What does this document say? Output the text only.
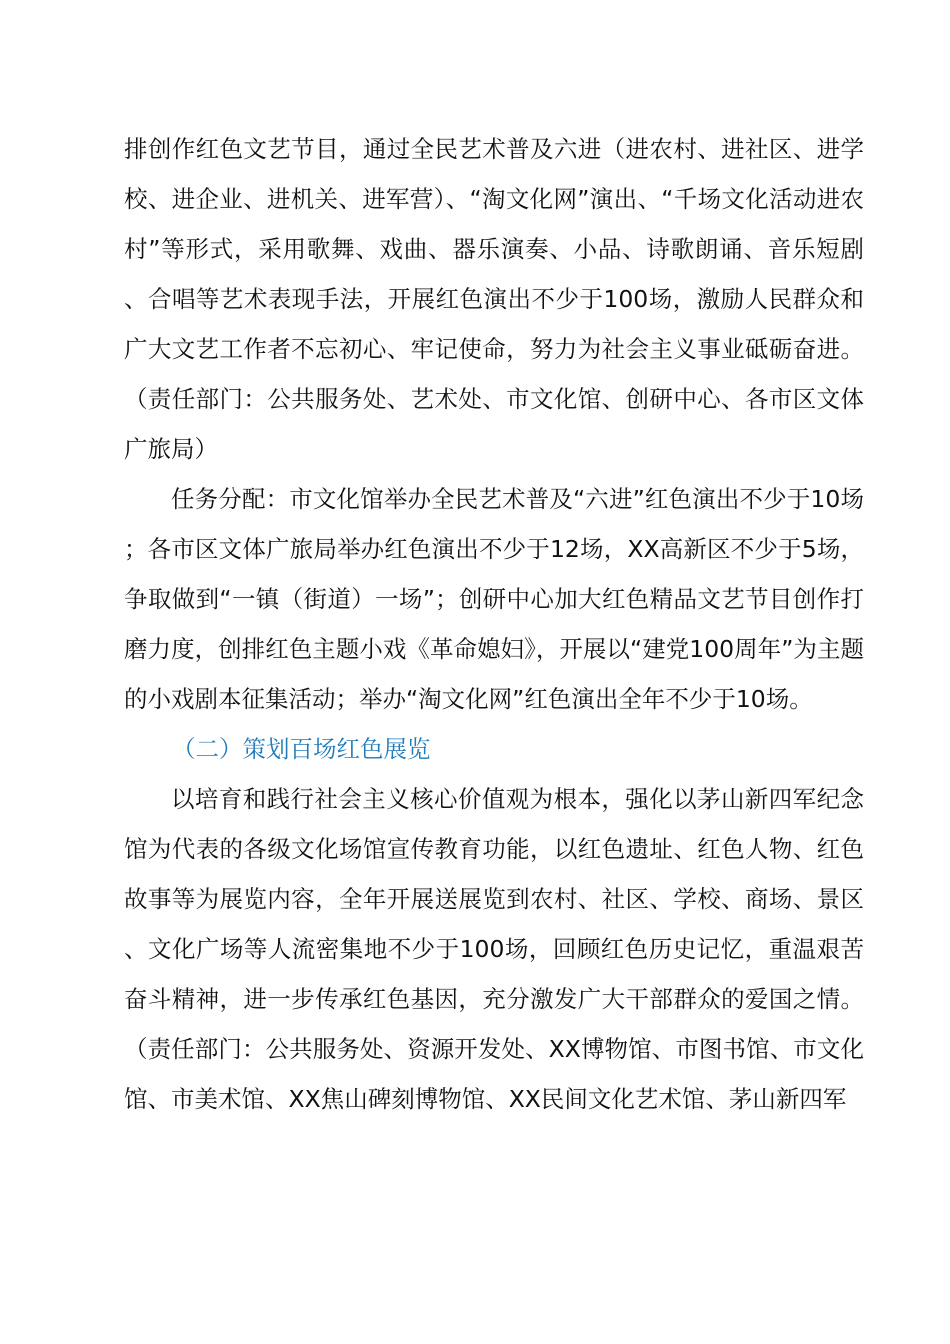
排创作红色文艺节目，通过全民艺术普及六进（进农村、进社区、进学校、进企业、进机关、进军营）、“淘文化网”演出、“千场文化活动进农村”等形式，采用歌舞、戏曲、器乐演奏、小品、诗歌朗诵、音乐短剧、合唱等艺术表现手法，开展红色演出不少于100场，激励人民群众和广大文艺工作者不忘初心、牢记使命，努力为社会主义事业砥砺奋进。（责任部门：公共服务处、艺术处、市文化馆、创研中心、各市区文体广旅局）

任务分配：市文化馆举办全民艺术普及“六进”红色演出不少于10场；各市区文体广旅局举办红色演出不少于12场，XX高新区不少于5场，争取做到“一镇（街道）一场”；创研中心加大红色精品文艺节目创作打磨力度，创排红色主题小戏《革命媳妇》，开展以“建党100周年”为主题的小戏剧本征集活动；举办“淘文化网”红色演出全年不少于10场。

（二）策划百场红色展览

以培育和践行社会主义核心价值观为根本，强化以茅山新四军纪念馆为代表的各级文化场馆宣传教育功能，以红色遗址、红色人物、红色故事等为展览内容，全年开展送展览到农村、社区、学校、商场、景区、文化广场等人流密集地不少于100场，回顾红色历史记忆，重温艰苦奋斗精神，进一步传承红色基因，充分激发广大干部群众的爱国之情。（责任部门：公共服务处、资源开发处、XX博物馆、市图书馆、市文化馆、市美术馆、XX焦山碑刻博物馆、XX民间文化艺术馆、茅山新四军
